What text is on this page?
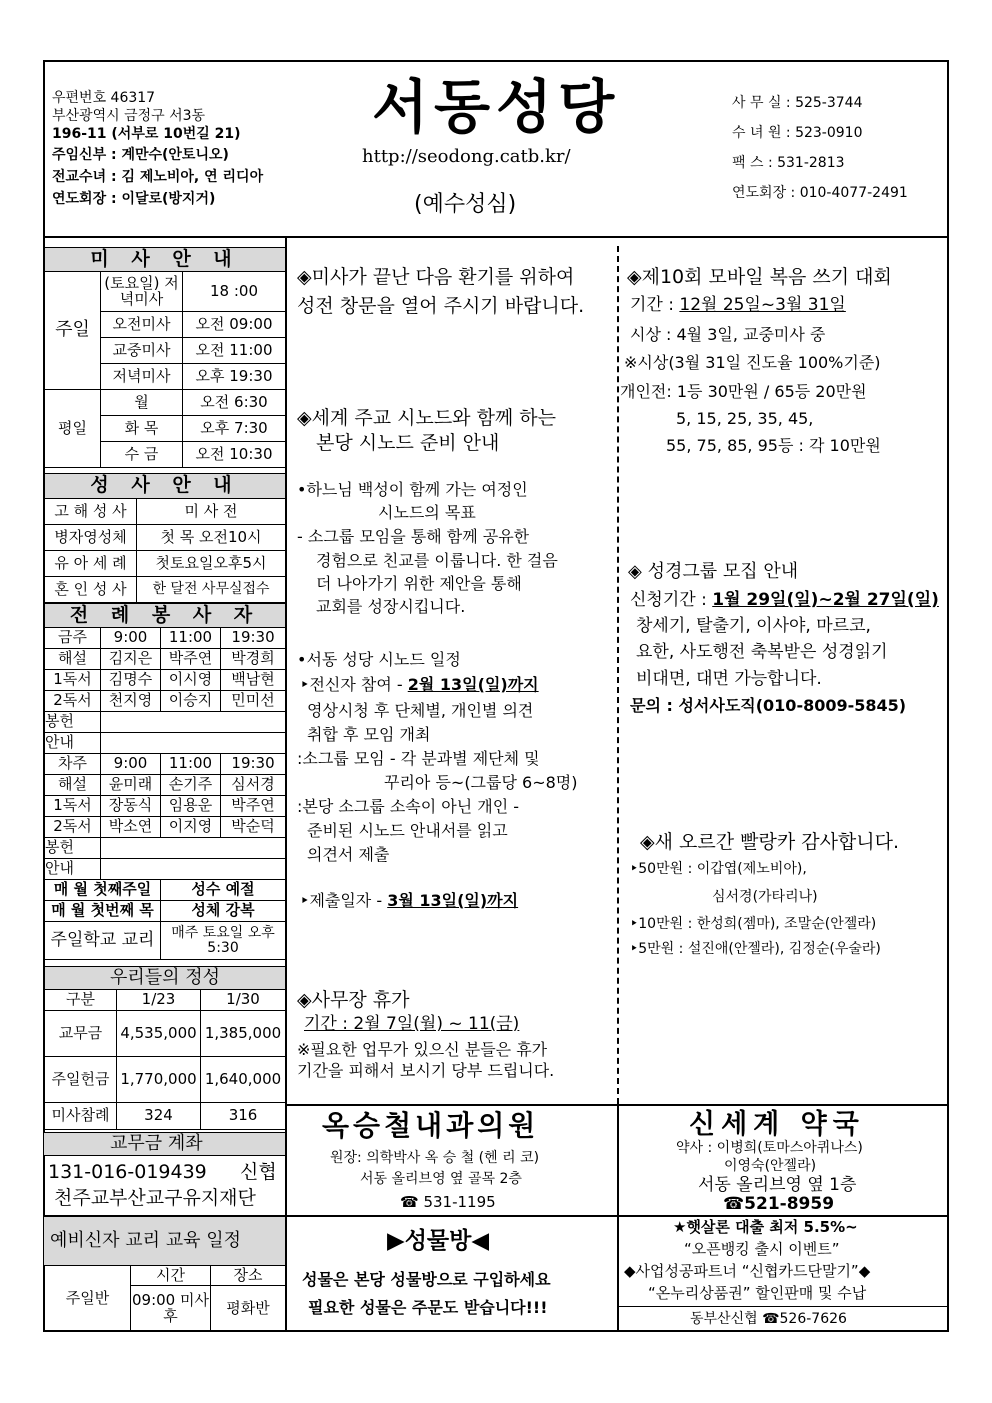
우편번호 46317
부산광역시 금정구 서3동
196-11 (서부로 10번길 21)
주임신부 : 계만수(안토니오)
전교수녀 : 김 제노비아, 연 리디아
연도회장 : 이달로(방지거)
서동성당
http://seodong.catb.kr/
(예수성심)
사 무 실 : 525-3744
수 녀 원 : 523-0910
팩 스 : 531-2813
연도회장 : 010-4077-2491
미 사 안 내		
주일	(토요일) 저녁미사	18 :00
	오전미사	오전 09:00
	교중미사	오전 11:00
	저녁미사	오후 19:30
평일	월	오전 6:30
	화 목	오후 7:30
	수 금	오전 10:30
성 사 안 내	
고 해 성 사	미 사 전
병자영성체	첫 목 오전10시
유 아 세 례	첫토요일오후5시
혼 인 성 사	한 달전 사무실접수
전 례 봉 사 자			
금주	9:00	11:00	19:30
해설	김지은	박주연	박경희
1독서	김명수	이시영	백남현
2독서	천지영	이승지	민미선
봉헌			
안내			
차주	9:00	11:00	19:30
해설	윤미래	손기주	심서경
1독서	장동식	임용운	박주연
2독서	박소연	이지영	박순덕
봉헌			
안내			
매 월 첫째주일		성수 예절	
매 월 첫번째 목		성체 강복	
주일학교 교리		매주 토요일 오후5:30	
우리들의 정성		
구분	1/23	1/30
교무금	4,535,000	1,385,000
주일헌금	1,770,000	1,640,000
미사참례	324	316
교무금 계좌
131-016-019439 신협
천주교부산교구유지재단
예비신자 교리 교육 일정
주일반	시간	장소
	09:00 미사 후	평화반
◈미사가 끝난 다음 환기를 위하여
성전 창문을 열어 주시기 바랍니다.
◈세계 주교 시노드와 함께 하는
본당 시노드 준비 안내
•하느님 백성이 함께 가는 여정인
시노드의 목표
- 소그룹 모임을 통해 함께 공유한
경험으로 친교를 이룹니다. 한 걸음
더 나아가기 위한 제안을 통해
교회를 성장시킵니다.
•서동 성당 시노드 일정
‣전신자 참여 - 2월 13일(일)까지
영상시청 후 단체별, 개인별 의견
취합 후 모임 개최
:소그룹 모임 - 각 분과별 제단체 및
꾸리아 등~(그룹당 6~8명)
:본당 소그룹 소속이 아닌 개인 -
준비된 시노드 안내서를 읽고
의견서 제출
‣제출일자 - 3월 13일(일)까지
◈사무장 휴가
기간 : 2월 7일(월) ~ 11(금)
※필요한 업무가 있으신 분들은 휴가
기간을 피해서 보시기 당부 드립니다.
◈제10회 모바일 복음 쓰기 대회
기간 : 12월 25일~3월 31일
시상 : 4월 3일, 교중미사 중
※시상(3월 31일 진도율 100%기준)
개인전: 1등 30만원 / 65등 20만원
5, 15, 25, 35, 45,
55, 75, 85, 95등 : 각 10만원
◈ 성경그룹 모집 안내
신청기간 : 1월 29일(일)~2월 27일(일)
창세기, 탈출기, 이사야, 마르코,
요한, 사도행전 축복받은 성경읽기
비대면, 대면 가능합니다.
문의 : 성서사도직(010-8009-5845)
◈새 오르간 빨랑카 감사합니다.
‣50만원 : 이갑엽(제노비아),
심서경(가타리나)
‣10만원 : 한성희(젬마), 조말순(안젤라)
‣5만원 : 설진애(안젤라), 김정순(우술라)
옥승철내과의원
원장: 의학박사 옥 승 철 (헨 리 코)
서동 올리브영 옆 골목 2층
☎ 531-1195
신세계 약국
약사 : 이병희(토마스아퀴나스)
이영숙(안젤라)
서동 올리브영 옆 1층
☎521-8959
▶성물방◀
성물은 본당 성물방으로 구입하세요
필요한 성물은 주문도 받습니다!!!
★햇살론 대출 최저 5.5%~
“오픈뱅킹 출시 이벤트”
◆사업성공파트너 “신협카드단말기”◆
“온누리상품권” 할인판매 및 수납
동부산신협 ☎526-7626
